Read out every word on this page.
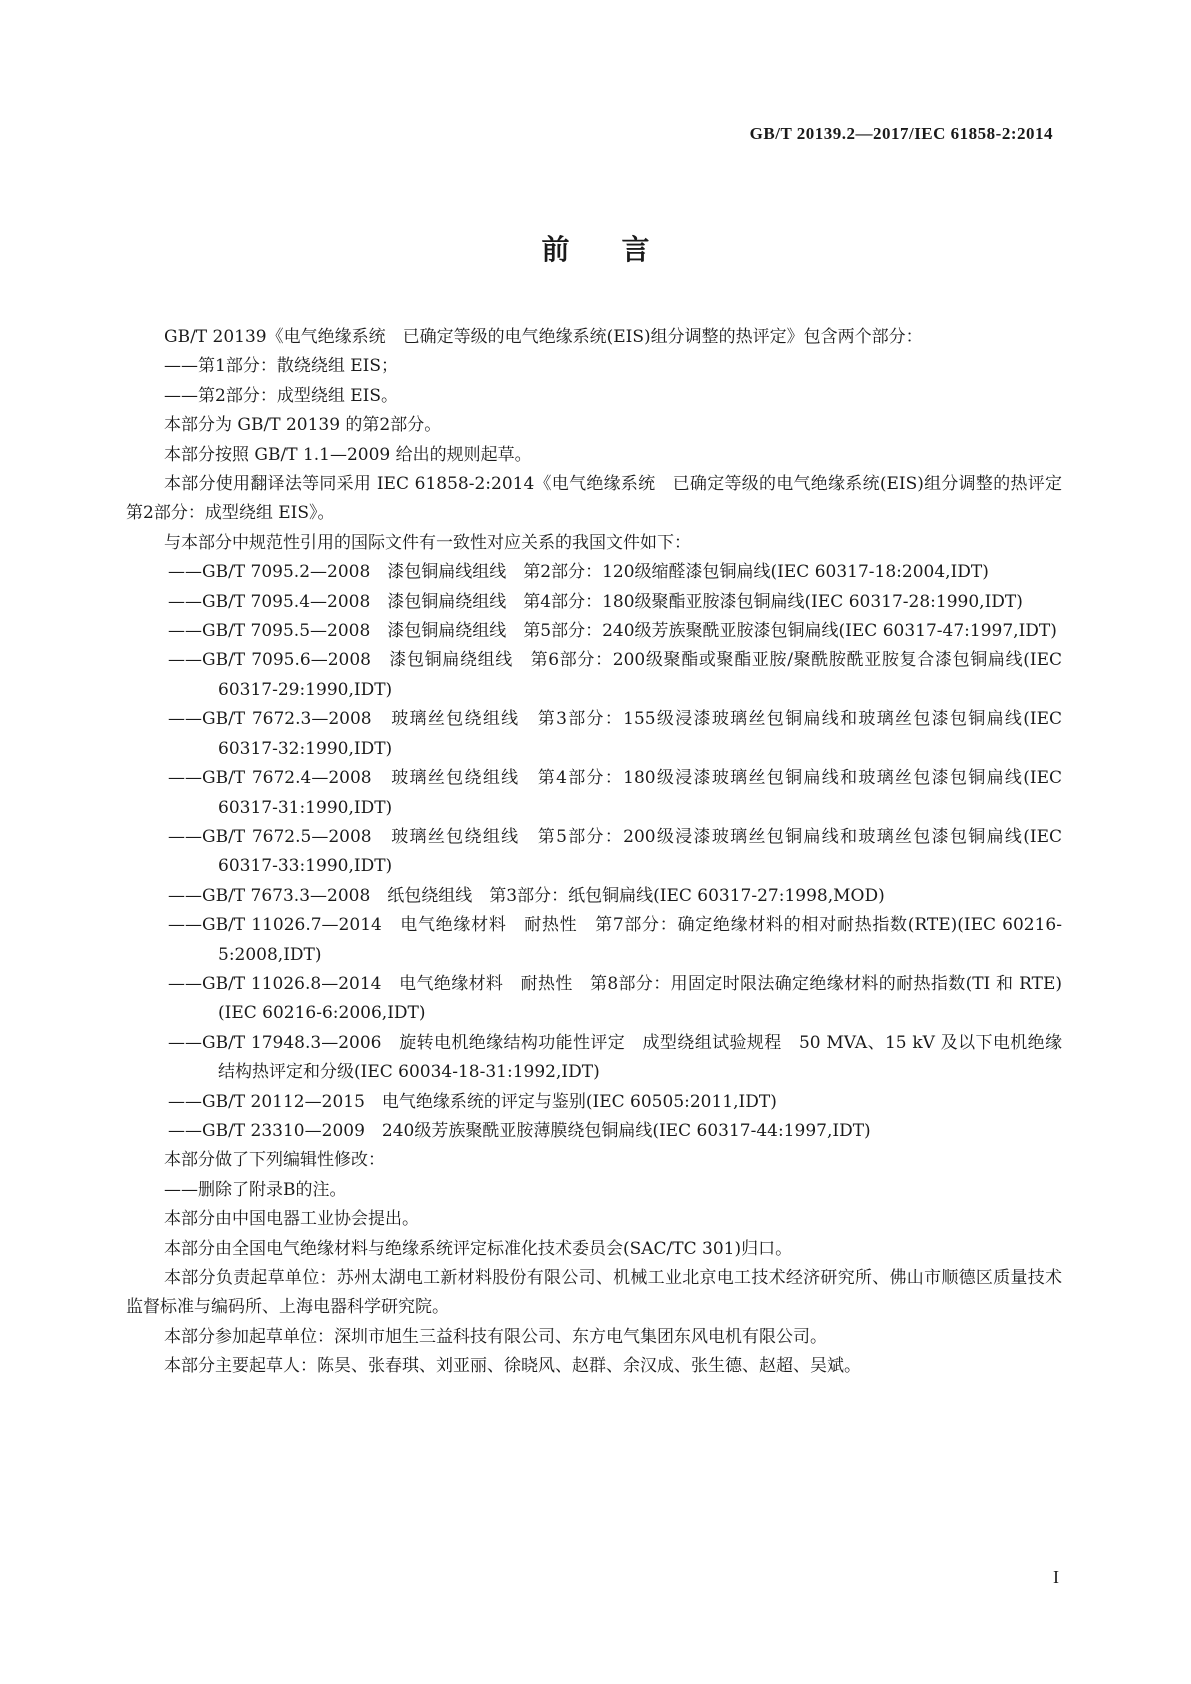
GB/T 20139.2—2017/IEC 61858-2:2014
前 言

GB/T 20139《电气绝缘系统　已确定等级的电气绝缘系统(EIS)组分调整的热评定》包含两个部分：

——第1部分：散绕绕组 EIS；

——第2部分：成型绕组 EIS。

本部分为 GB/T 20139 的第2部分。

本部分按照 GB/T 1.1—2009 给出的规则起草。

本部分使用翻译法等同采用 IEC 61858-2:2014《电气绝缘系统　已确定等级的电气绝缘系统(EIS)组分调整的热评定　第2部分：成型绕组 EIS》。

与本部分中规范性引用的国际文件有一致性对应关系的我国文件如下：

——GB/T 7095.2—2008　漆包铜扁线组线　第2部分：120级缩醛漆包铜扁线(IEC 60317-18:2004,IDT)

——GB/T 7095.4—2008　漆包铜扁绕组线　第4部分：180级聚酯亚胺漆包铜扁线(IEC 60317-28:1990,IDT)

——GB/T 7095.5—2008　漆包铜扁绕组线　第5部分：240级芳族聚酰亚胺漆包铜扁线(IEC 60317-47:1997,IDT)

——GB/T 7095.6—2008　漆包铜扁绕组线　第6部分：200级聚酯或聚酯亚胺/聚酰胺酰亚胺复合漆包铜扁线(IEC 60317-29:1990,IDT)

——GB/T 7672.3—2008　玻璃丝包绕组线　第3部分：155级浸漆玻璃丝包铜扁线和玻璃丝包漆包铜扁线(IEC 60317-32:1990,IDT)

——GB/T 7672.4—2008　玻璃丝包绕组线　第4部分：180级浸漆玻璃丝包铜扁线和玻璃丝包漆包铜扁线(IEC 60317-31:1990,IDT)

——GB/T 7672.5—2008　玻璃丝包绕组线　第5部分：200级浸漆玻璃丝包铜扁线和玻璃丝包漆包铜扁线(IEC 60317-33:1990,IDT)

——GB/T 7673.3—2008　纸包绕组线　第3部分：纸包铜扁线(IEC 60317-27:1998,MOD)

——GB/T 11026.7—2014　电气绝缘材料　耐热性　第7部分：确定绝缘材料的相对耐热指数(RTE)(IEC 60216-5:2008,IDT)

——GB/T 11026.8—2014　电气绝缘材料　耐热性　第8部分：用固定时限法确定绝缘材料的耐热指数(TI 和 RTE)(IEC 60216-6:2006,IDT)

——GB/T 17948.3—2006　旋转电机绝缘结构功能性评定　成型绕组试验规程　50 MVA、15 kV 及以下电机绝缘结构热评定和分级(IEC 60034-18-31:1992,IDT)

——GB/T 20112—2015　电气绝缘系统的评定与鉴别(IEC 60505:2011,IDT)

——GB/T 23310—2009　240级芳族聚酰亚胺薄膜绕包铜扁线(IEC 60317-44:1997,IDT)

本部分做了下列编辑性修改：

——删除了附录B的注。

本部分由中国电器工业协会提出。

本部分由全国电气绝缘材料与绝缘系统评定标准化技术委员会(SAC/TC 301)归口。

本部分负责起草单位：苏州太湖电工新材料股份有限公司、机械工业北京电工技术经济研究所、佛山市顺德区质量技术监督标准与编码所、上海电器科学研究院。

本部分参加起草单位：深圳市旭生三益科技有限公司、东方电气集团东风电机有限公司。

本部分主要起草人：陈昊、张春琪、刘亚丽、徐晓风、赵群、余汉成、张生德、赵超、吴斌。

I
